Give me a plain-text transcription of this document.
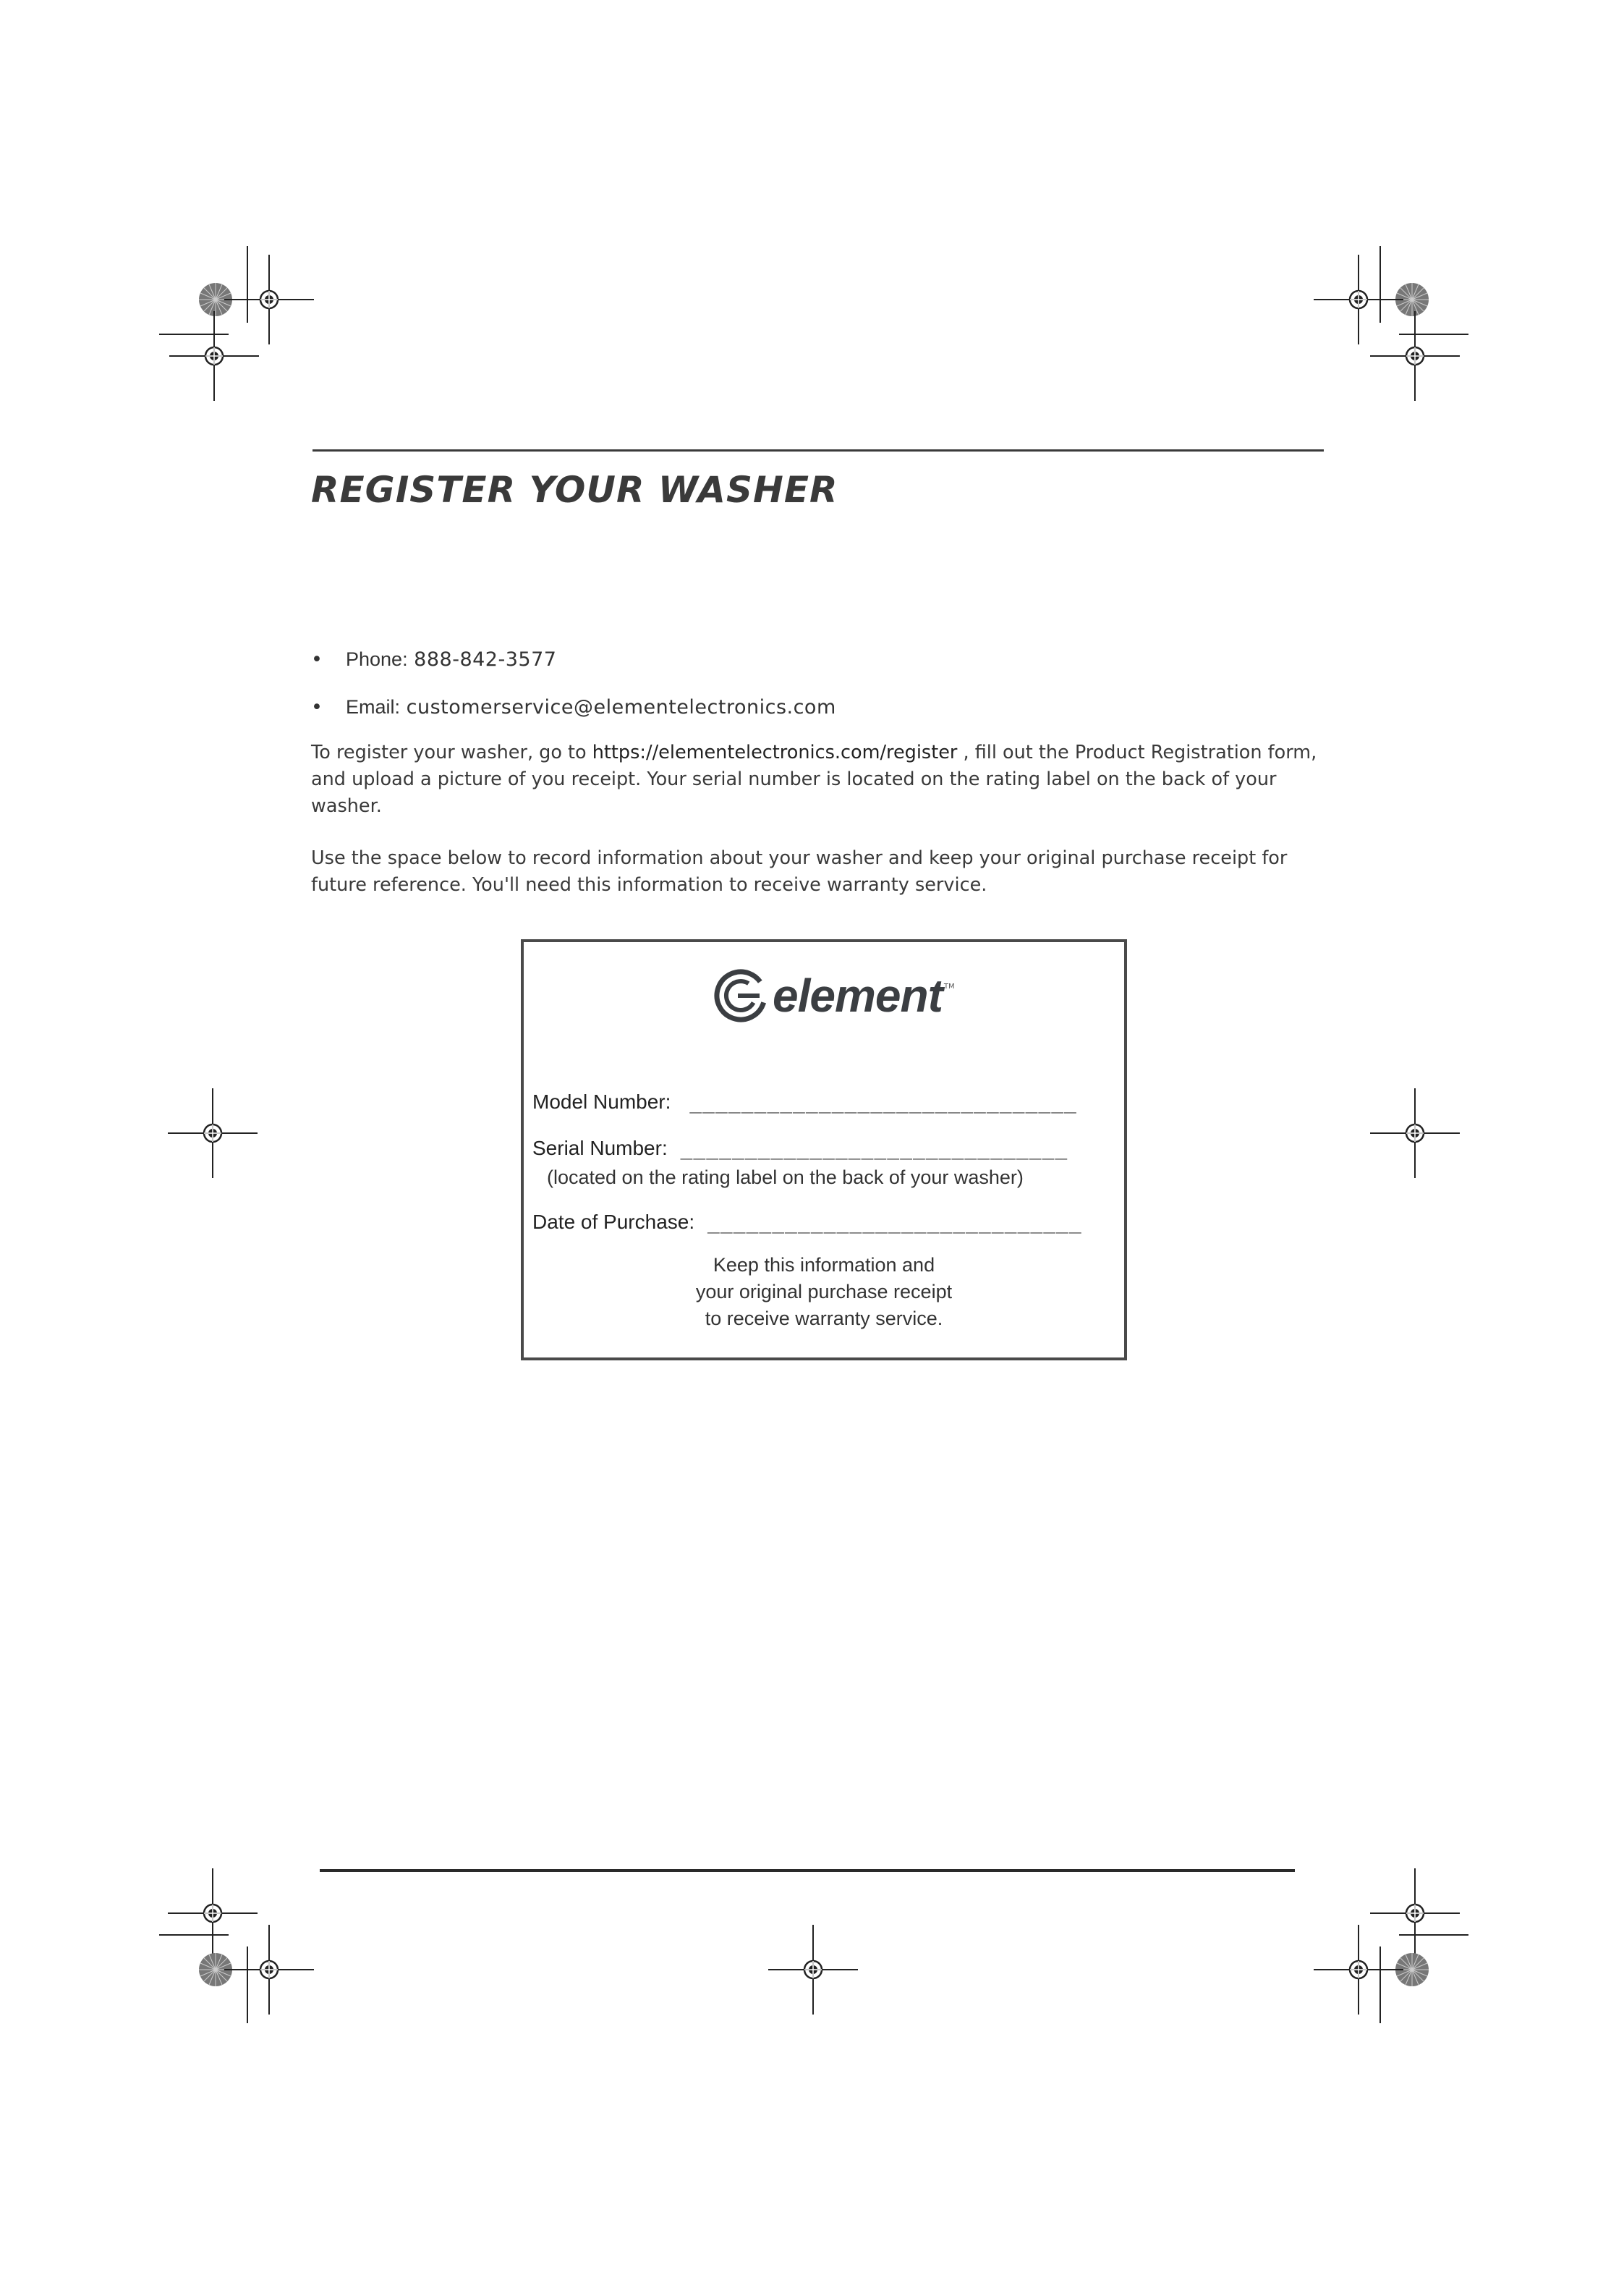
REGISTER YOUR WASHER
• Phone: 888-842-3577
• Email: customerservice@elementelectronics.com
To register your washer, go to https://elementelectronics.com/register , fill out the Product Registration form, and upload a picture of you receipt. Your serial number is located on the rating label on the back of your washer.
Use the space below to record information about your washer and keep your original purchase receipt for future reference. You'll need this information to receive warranty service.
element TM
Model Number: ______________________________
Serial Number: ______________________________
(located on the rating label on the back of your washer)
Date of Purchase: _____________________________
Keep this information and
your original purchase receipt
to receive warranty service.
